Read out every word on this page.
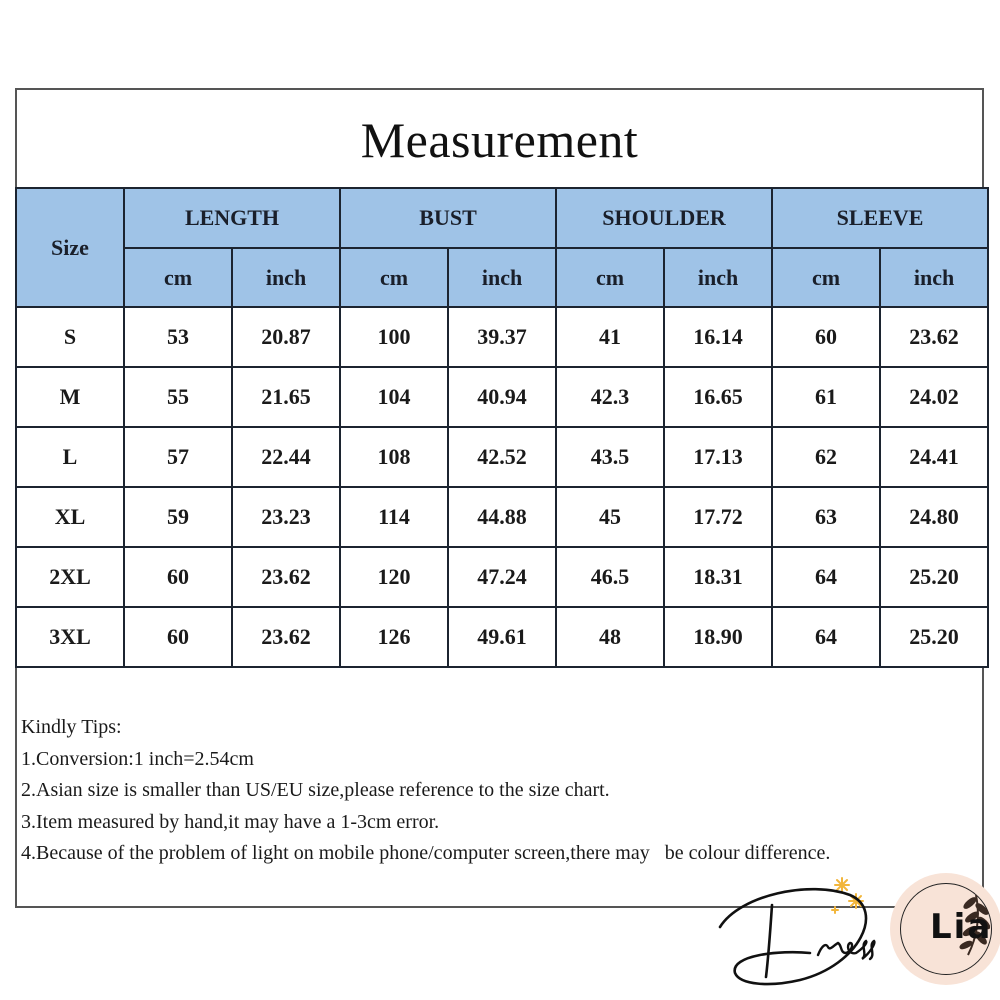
Measurement
Size	LENGTH		BUST		SHOULDER		SLEEVE	
	cm	inch	cm	inch	cm	inch	cm	inch
S	53	20.87	100	39.37	41	16.14	60	23.62
M	55	21.65	104	40.94	42.3	16.65	61	24.02
L	57	22.44	108	42.52	43.5	17.13	62	24.41
XL	59	23.23	114	44.88	45	17.72	63	24.80
2XL	60	23.62	120	47.24	46.5	18.31	64	25.20
3XL	60	23.62	126	49.61	48	18.90	64	25.20
Kindly Tips:
1.Conversion:1 inch=2.54cm
2.Asian size is smaller than US/EU size,please reference to the size chart.
3.Item measured by hand,it may have a 1-3cm error.
4.Because of the problem of light on mobile phone/computer screen,there may   be colour difference.
Lia
